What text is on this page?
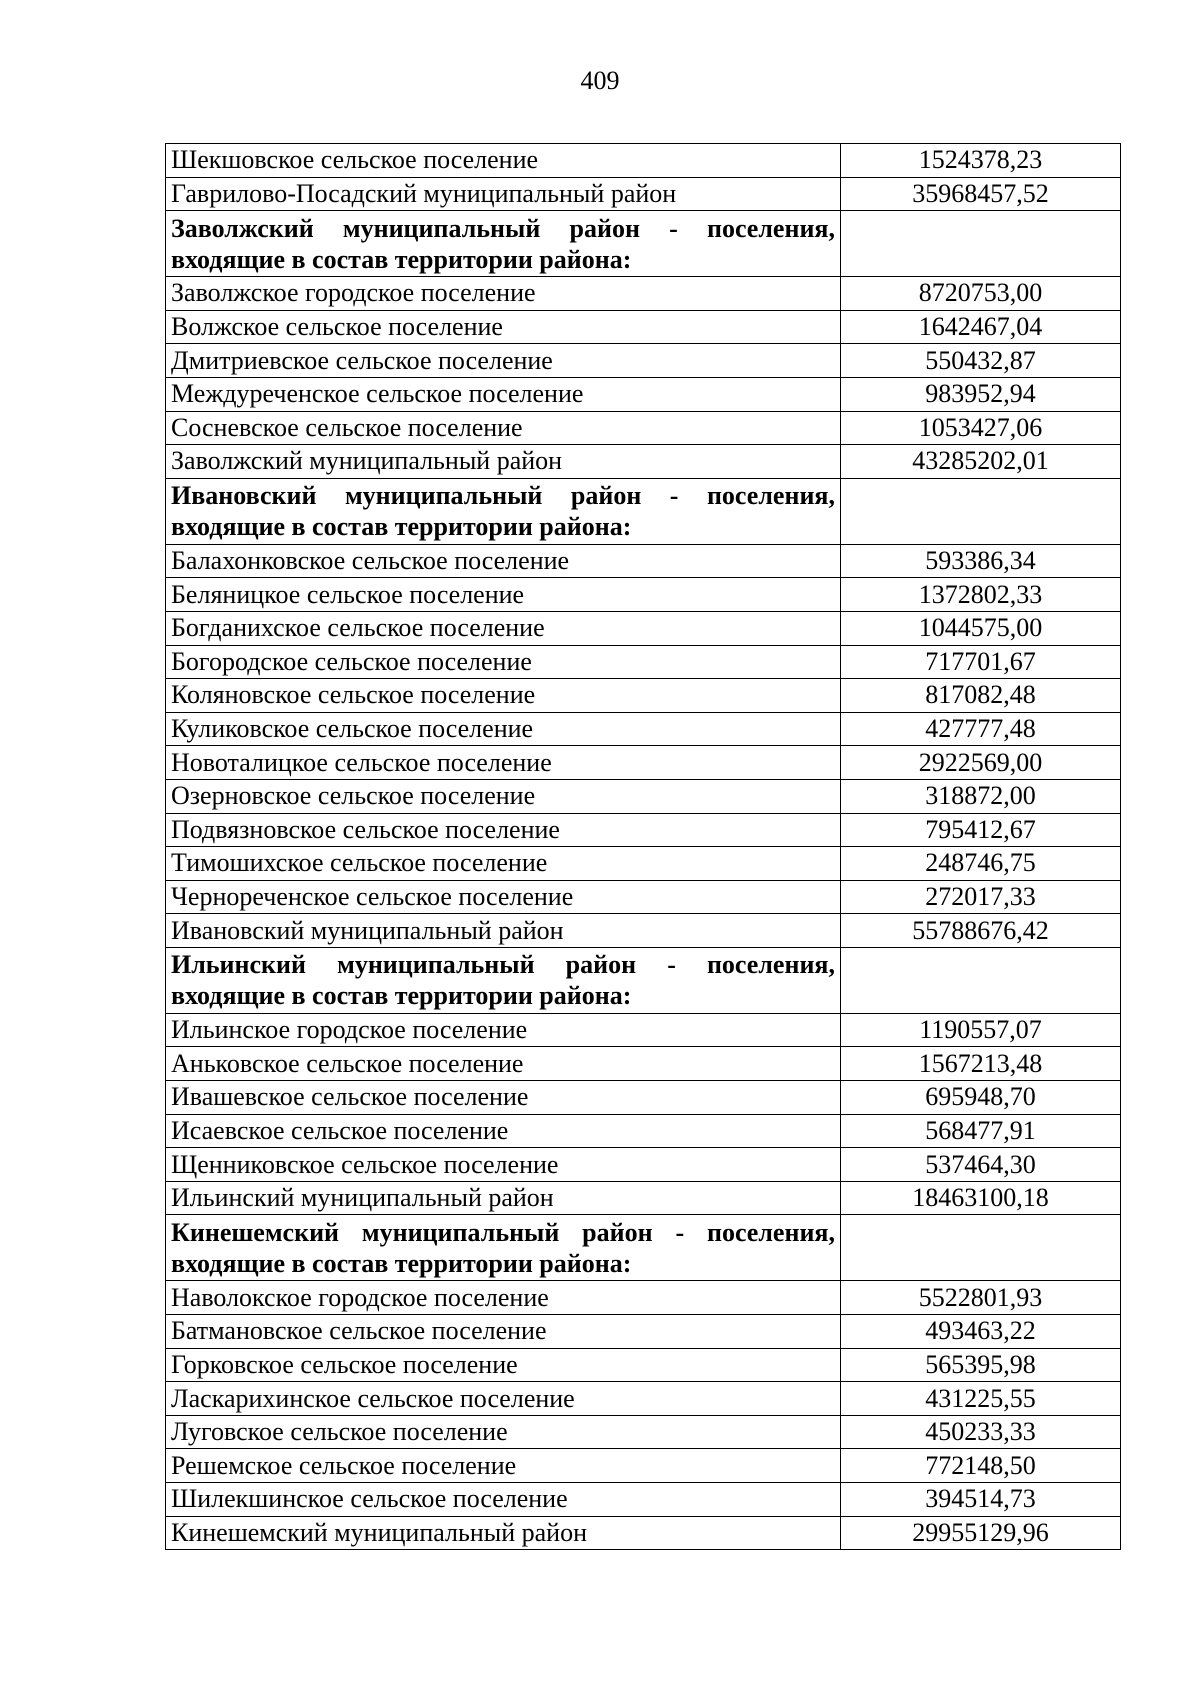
409
Шекшовское сельское поселение	1524378,23
Гаврилово-Посадский муниципальный район	35968457,52
Заволжский муниципальный район - поселения, входящие в состав территории района:	
Заволжское городское поселение	8720753,00
Волжское сельское поселение	1642467,04
Дмитриевское сельское поселение	550432,87
Междуреченское сельское поселение	983952,94
Сосневское сельское поселение	1053427,06
Заволжский муниципальный район	43285202,01
Ивановский муниципальный район - поселения, входящие в состав территории района:	
Балахонковское сельское поселение	593386,34
Беляницкое сельское поселение	1372802,33
Богданихское сельское поселение	1044575,00
Богородское сельское поселение	717701,67
Коляновское сельское поселение	817082,48
Куликовское сельское поселение	427777,48
Новоталицкое сельское поселение	2922569,00
Озерновское сельское поселение	318872,00
Подвязновское сельское поселение	795412,67
Тимошихское сельское поселение	248746,75
Чернореченское сельское поселение	272017,33
Ивановский муниципальный район	55788676,42
Ильинский муниципальный район - поселения, входящие в состав территории района:	
Ильинское городское поселение	1190557,07
Аньковское сельское поселение	1567213,48
Ивашевское сельское поселение	695948,70
Исаевское сельское поселение	568477,91
Щенниковское сельское поселение	537464,30
Ильинский муниципальный район	18463100,18
Кинешемский муниципальный район - поселения, входящие в состав территории района:	
Наволокское городское поселение	5522801,93
Батмановское сельское поселение	493463,22
Горковское сельское поселение	565395,98
Ласкарихинское сельское поселение	431225,55
Луговское сельское поселение	450233,33
Решемское сельское поселение	772148,50
Шилекшинское сельское поселение	394514,73
Кинешемский муниципальный район	29955129,96
